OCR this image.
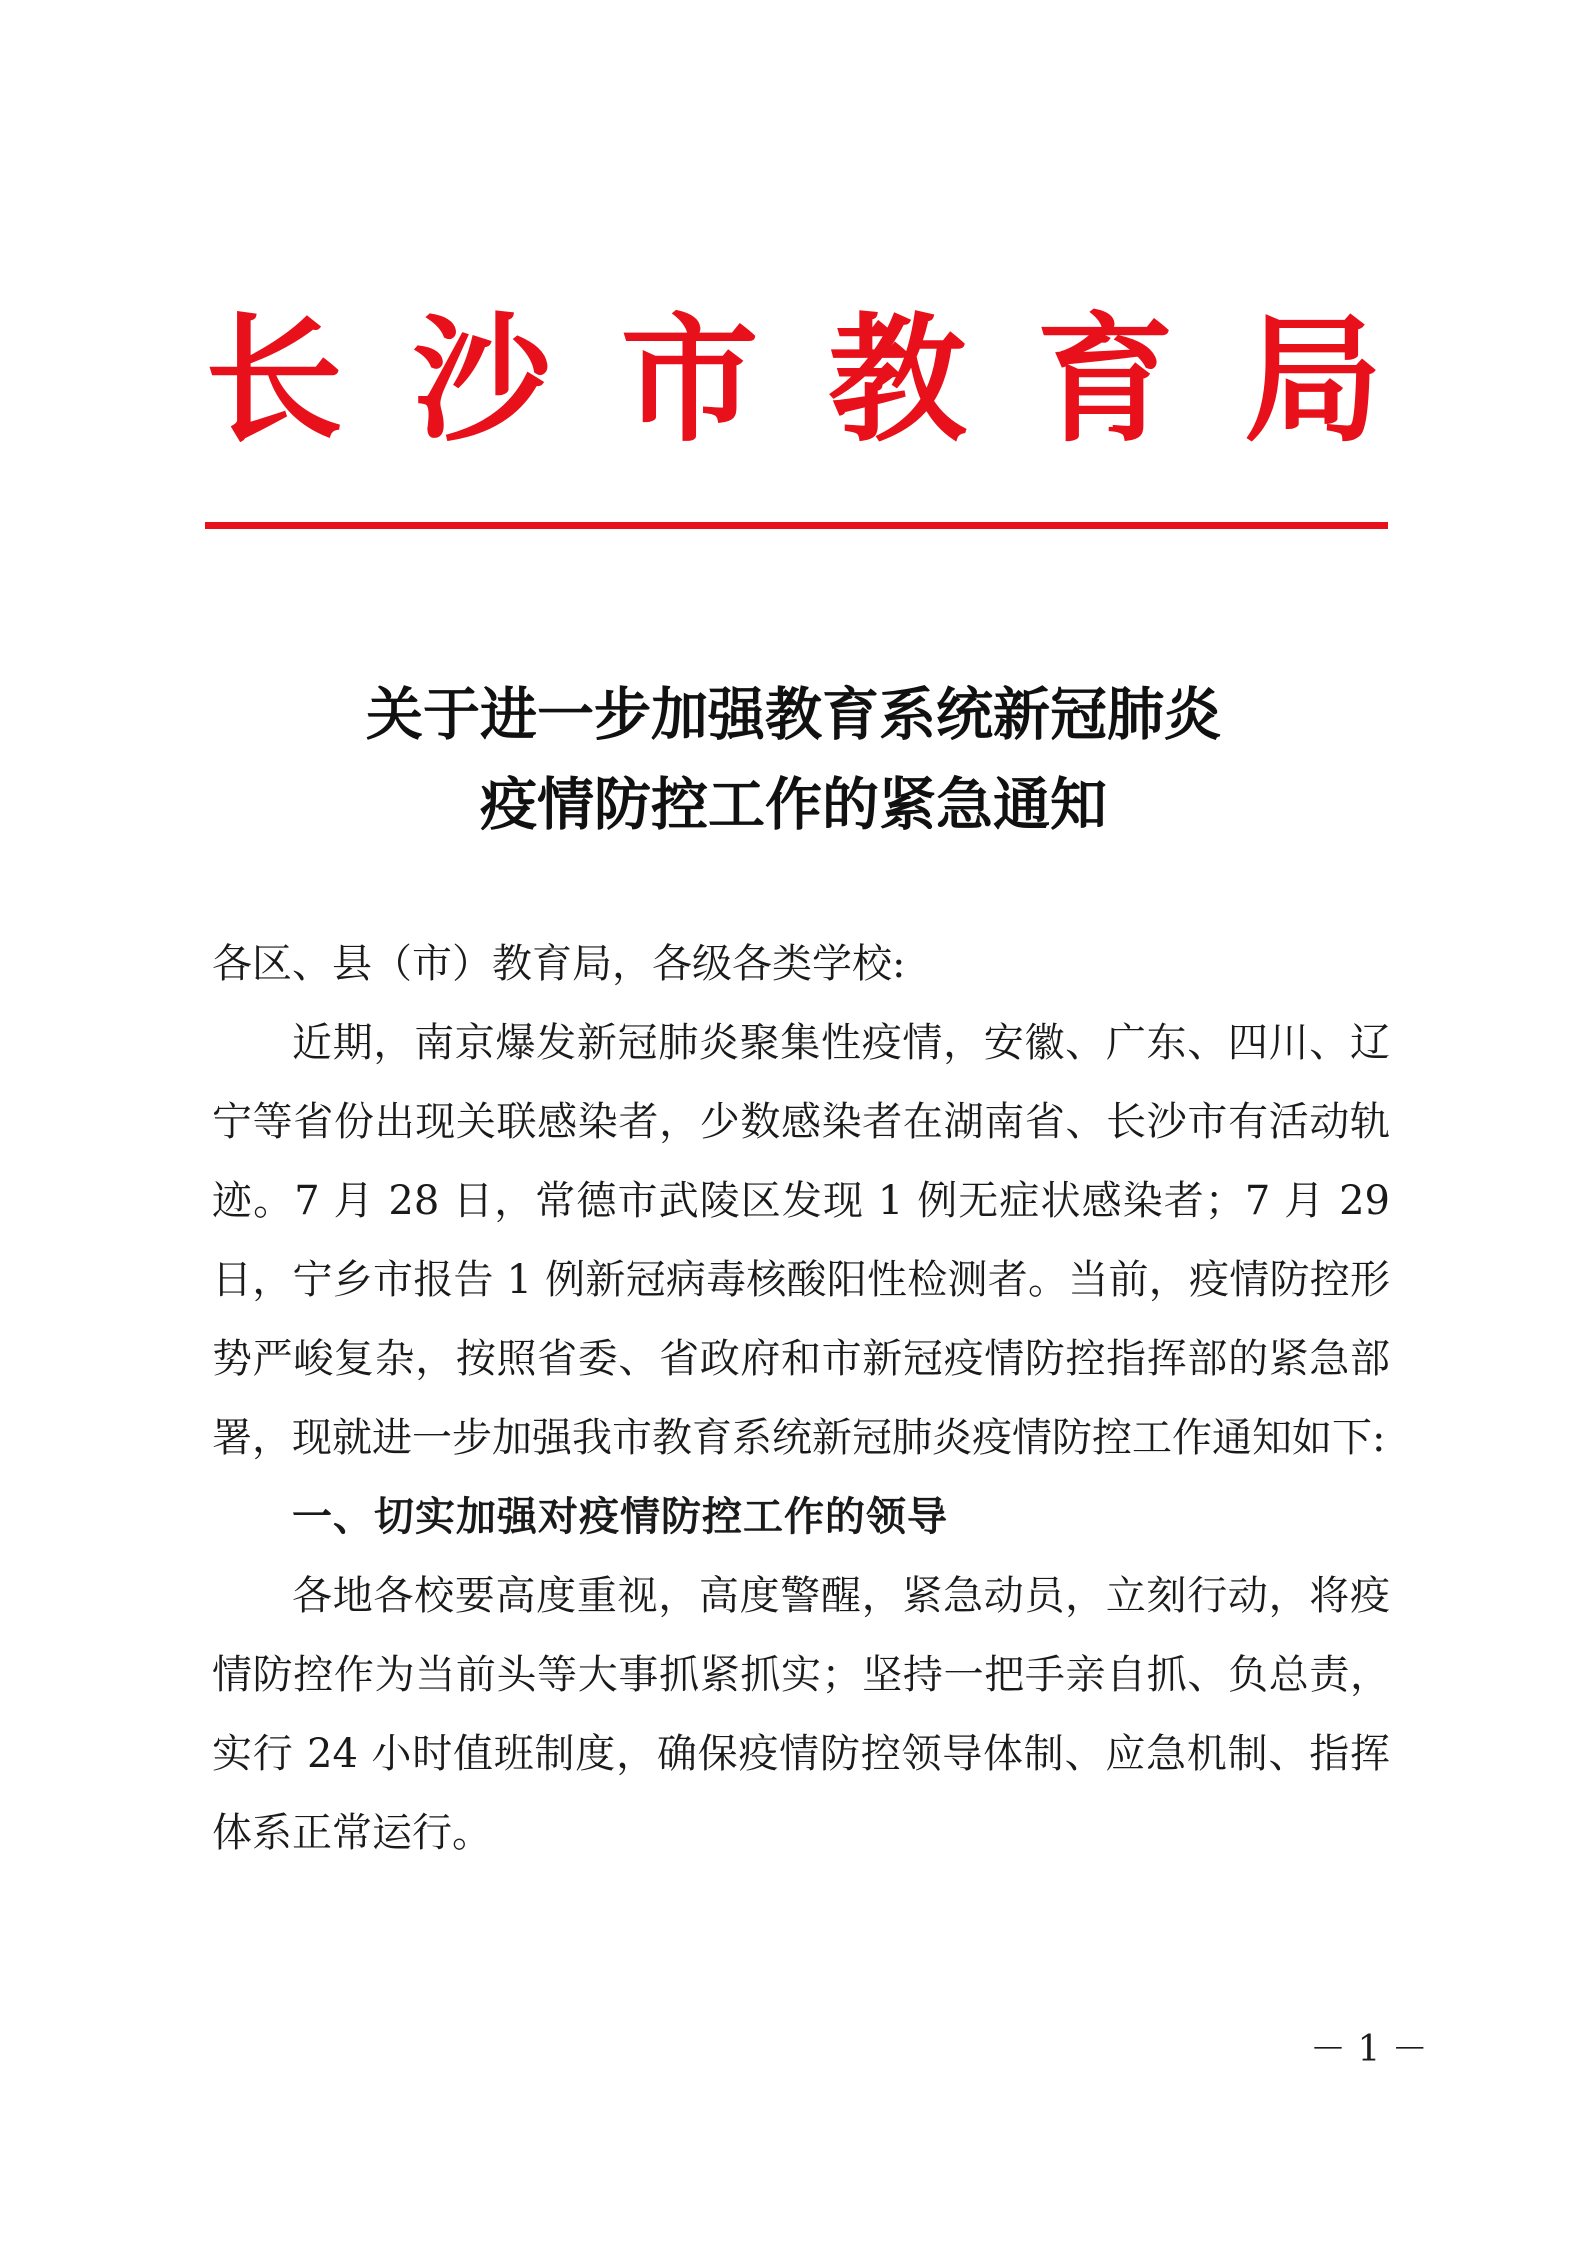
长 沙 市 教 育 局
关于进一步加强教育系统新冠肺炎
疫情防控工作的紧急通知

各区、县（市）教育局，各级各类学校:

近期，南京爆发新冠肺炎聚集性疫情，安徽、广东、四川、辽宁等省份出现关联感染者，少数感染者在湖南省、长沙市有活动轨迹。7 月 28 日，常德市武陵区发现 1 例无症状感染者；7 月 29 日，宁乡市报告 1 例新冠病毒核酸阳性检测者。当前，疫情防控形势严峻复杂，按照省委、省政府和市新冠疫情防控指挥部的紧急部署，现就进一步加强我市教育系统新冠肺炎疫情防控工作通知如下:

一、切实加强对疫情防控工作的领导

各地各校要高度重视，高度警醒，紧急动员，立刻行动，将疫情防控作为当前头等大事抓紧抓实；坚持一把手亲自抓、负总责，实行 24 小时值班制度，确保疫情防控领导体制、应急机制、指挥体系正常运行。

－ 1 －
